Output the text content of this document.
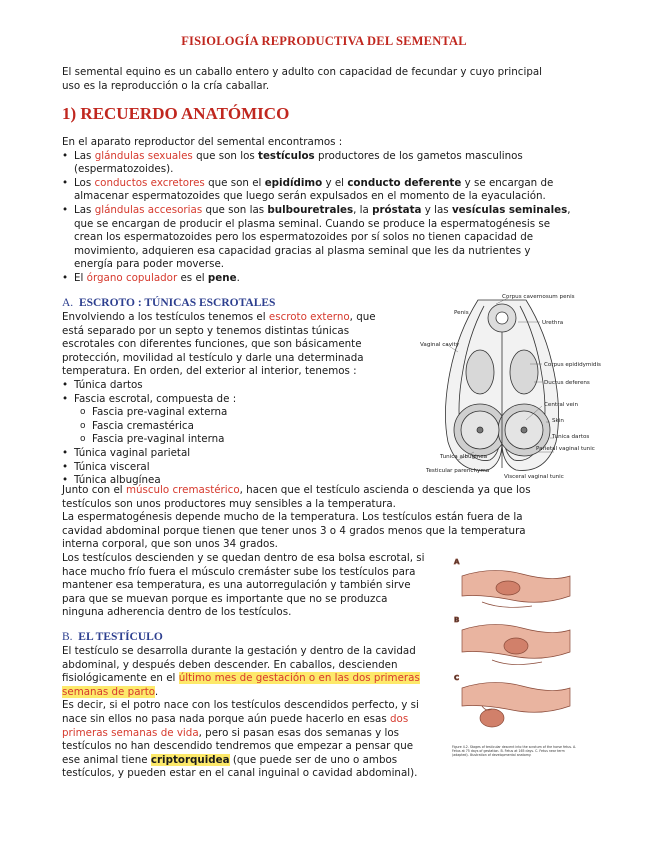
FISIOLOGÍA REPRODUCTIVA DEL SEMENTAL
El semental equino es un caballo entero y adulto con capacidad de fecundar y cuyo principal
uso es la reproducción o la cría caballar.
1) RECUERDO ANATÓMICO
En el aparato reproductor del semental encontramos :
• Las glándulas sexuales que son los testículos productores de los gametos masculinos
(espermatozoides).
• Los conductos excretores que son el epidídimo y el conducto deferente y se encargan de
almacenar espermatozoides que luego serán expulsados en el momento de la eyaculación.
• Las glándulas accesorias que son las bulbouretrales, la próstata y las vesículas seminales,
que se encargan de producir el plasma seminal. Cuando se produce la espermatogénesis se
crean los espermatozoides pero los espermatozoides por sí solos no tienen capacidad de
movimiento, adquieren esa capacidad gracias al plasma seminal que les da nutrientes y
energía para poder moverse.
• El órgano copulador es el pene.
A. ESCROTO : TÚNICAS ESCROTALES
Envolviendo a los testículos tenemos el escroto externo, que
está separado por un septo y tenemos distintas túnicas
escrotales con diferentes funciones, que son básicamente
protección, movilidad al testículo y darle una determinada
temperatura. En orden, del exterior al interior, tenemos :
• Túnica dartos
• Fascia escrotal, compuesta de :
o Fascia pre-vaginal externa
o Fascia cremastérica
o Fascia pre-vaginal interna
• Túnica vaginal parietal
• Túnica visceral
• Túnica albugínea
Junto con el músculo cremastérico, hacen que el testículo ascienda o descienda ya que los
testículos son unos productores muy sensibles a la temperatura.
La espermatogénesis depende mucho de la temperatura. Los testículos están fuera de la
cavidad abdominal porque tienen que tener unos 3 o 4 grados menos que la temperatura
interna corporal, que son unos 34 grados.
Los testículos descienden y se quedan dentro de esa bolsa escrotal, si
hace mucho frío fuera el músculo cremáster sube los testículos para
mantener esa temperatura, es una autorregulación y también sirve
para que se muevan porque es importante que no se produzca
ninguna adherencia dentro de los testículos.
B. EL TESTÍCULO
El testículo se desarrolla durante la gestación y dentro de la cavidad
abdominal, y después deben descender. En caballos, descienden
fisiológicamente en el último mes de gestación o en las dos primeras
semanas de parto.
Es decir, si el potro nace con los testículos descendidos perfecto, y si
nace sin ellos no pasa nada porque aún puede hacerlo en esas dos
primeras semanas de vida, pero si pasan esas dos semanas y los
testículos no han descendido tendremos que empezar a pensar que
ese animal tiene criptorquidea (que puede ser de uno o ambos
testículos, y pueden estar en el canal inguinal o cavidad abdominal).
Penis
Corpus cavernosum penis
Urethra
Vaginal cavity
Corpus epididymidis
Ductus deferens
Central vein
Skin
Tunica dartos
Parietal vaginal tunic
Tunica albuginea
Testicular parenchyma
Visceral vaginal tunic
A
B
C
Figure 4.2. Stages of testicular descent into the scrotum of the horse fetus. A. Fetus at 75 days of gestation. B. Fetus at 165 days. C. Fetus near term (adapted). Illustration of developmental anatomy.
